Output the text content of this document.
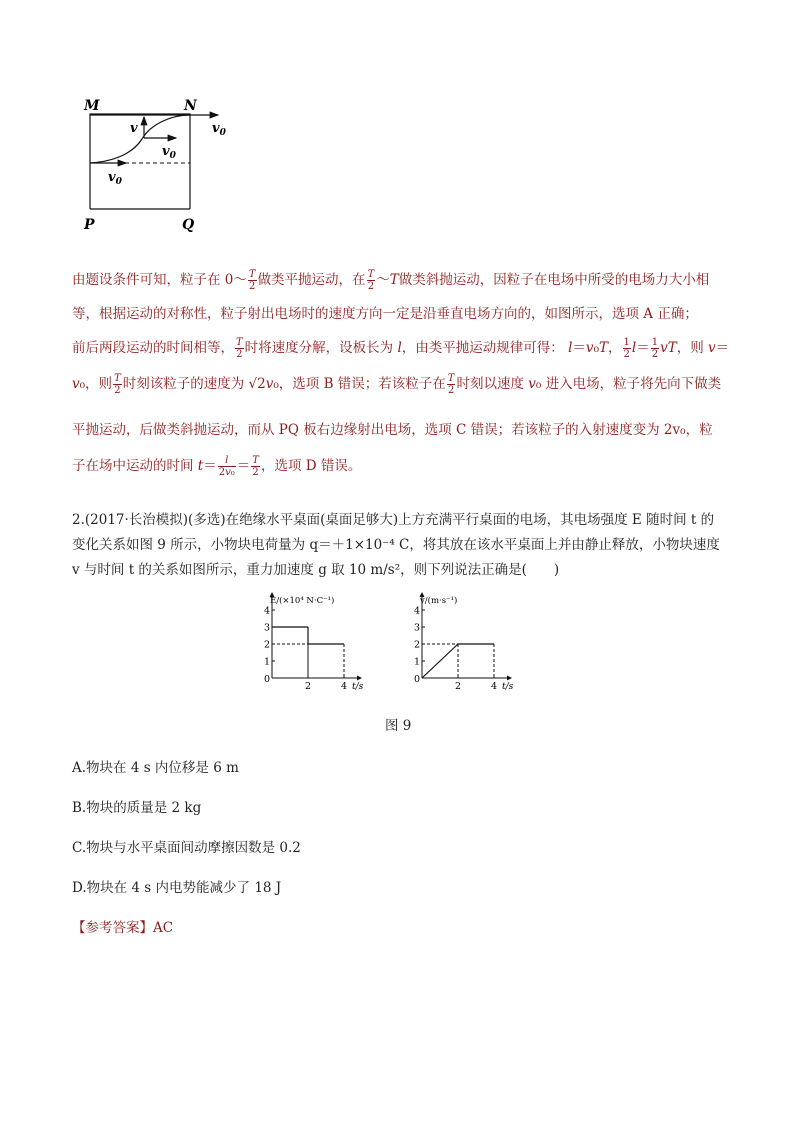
M	N
P	Q
v	$v_0$
$v_0$
$v_0$
由题设条件可知，粒子在 0～ $\frac{T}{2}$ 做类平抛运动，在 $\frac{T}{2}$ ～T做类斜抛运动，因粒子在电场中所受的电场力大小相
等，根据运动的对称性，粒子射出电场时的速度方向一定是沿垂直电场方向的，如图所示，选项 A 正确；
前后两段运动的时间相等， $\frac{T}{2}$ 时将速度分解，设板长为 l，由类平抛运动规律可得： l＝v₀T， $\frac{1}{2} l= \frac{1}{2}$ vT，则 v＝
v₀，则 $\frac{T}{2}$ 时刻该粒子的速度为 √2v₀，选项 B 错误；若该粒子在 $\frac{T}{2}$ 时刻以速度 v₀ 进入电场，粒子将先向下做类
平抛运动，后做类斜抛运动，而从 PQ 板右边缘射出电场，选项 C 错误；若该粒子的入射速度变为 2v₀，粒
子在场中运动的时间 $t= \frac{l}{\text{2v₀}} = \frac{T}{2}$ ，选项 D 错误。
2.(2017·长治模拟)(多选)在绝缘水平桌面(桌面足够大)上方充满平行桌面的电场，其电场强度 E 随时间 t 的
变化关系如图 9 所示，小物块电荷量为 q＝＋1×10⁻⁴ C，将其放在该水平桌面上并由静止释放，小物块速度
v 与时间 t 的关系如图所示，重力加速度 g 取 10 m/s²，则下列说法正确是(　　)
1
2
3
4
0
2	4 t/s
E/(×10⁴ N·C⁻¹)
1
2
3
4
0
2	4 t/s
v/(m·s⁻¹)
图 9
A.物块在 4 s 内位移是 6 m
B.物块的质量是 2 kg
C.物块与水平桌面间动摩擦因数是 0.2
D.物块在 4 s 内电势能减少了 18 J
【参考答案】AC
